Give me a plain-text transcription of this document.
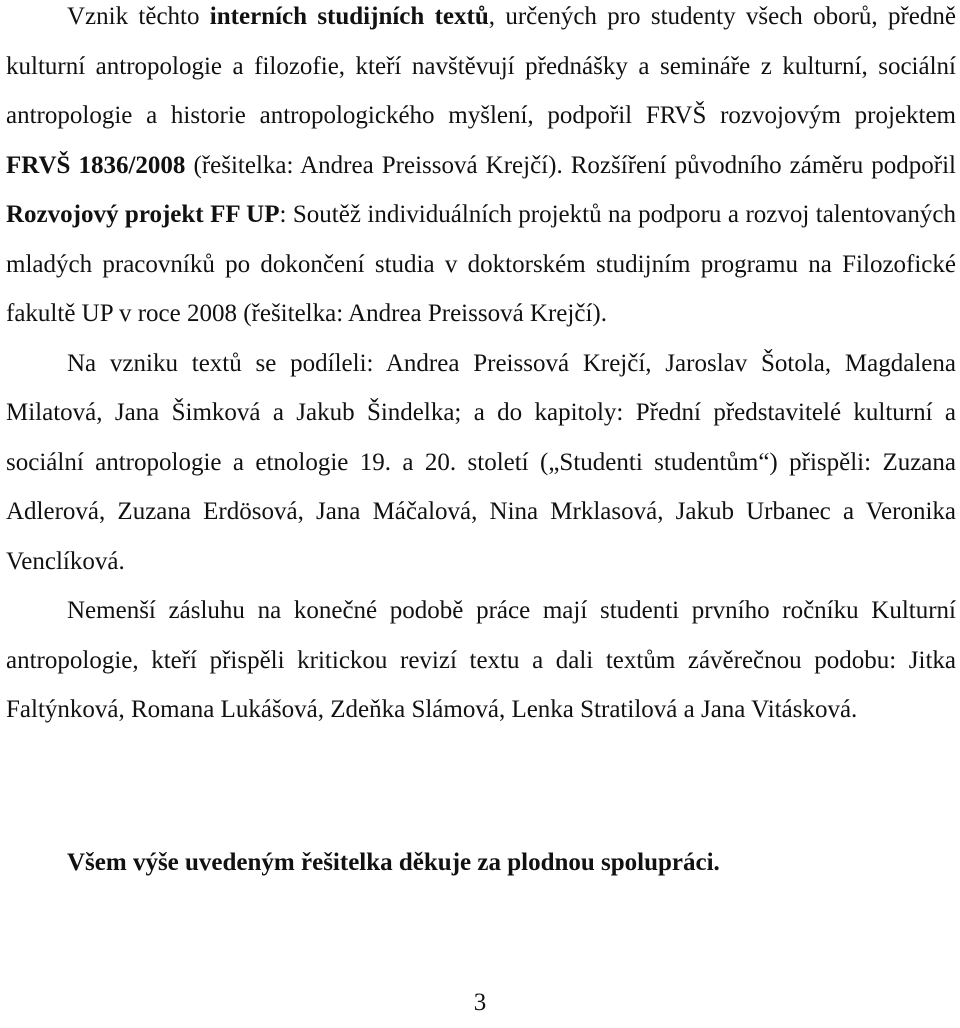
Vznik těchto interních studijních textů, určených pro studenty všech oborů, předně kulturní antropologie a filozofie, kteří navštěvují přednášky a semináře z kulturní, sociální antropologie a historie antropologického myšlení, podpořil FRVŠ rozvojovým projektem FRVŠ 1836/2008 (řešitelka: Andrea Preissová Krejčí). Rozšíření původního záměru podpořil Rozvojový projekt FF UP: Soutěž individuálních projektů na podporu a rozvoj talentovaných mladých pracovníků po dokončení studia v doktorském studijním programu na Filozofické fakultě UP v roce 2008 (řešitelka: Andrea Preissová Krejčí).

Na vzniku textů se podíleli: Andrea Preissová Krejčí, Jaroslav Šotola, Magdalena Milatová, Jana Šimková a Jakub Šindelka; a do kapitoly: Přední představitelé kulturní a sociální antropologie a etnologie 19. a 20. století („Studenti studentům“) přispěli: Zuzana Adlerová, Zuzana Erdösová, Jana Máčalová, Nina Mrklasová, Jakub Urbanec a Veronika Venclíková.

Nemenší zásluhu na konečné podobě práce mají studenti prvního ročníku Kulturní antropologie, kteří přispěli kritickou revizí textu a dali textům závěrečnou podobu: Jitka Faltýnková, Romana Lukášová, Zdeňka Slámová, Lenka Stratilová a Jana Vitásková.

Všem výše uvedeným řešitelka děkuje za plodnou spolupráci.

3
